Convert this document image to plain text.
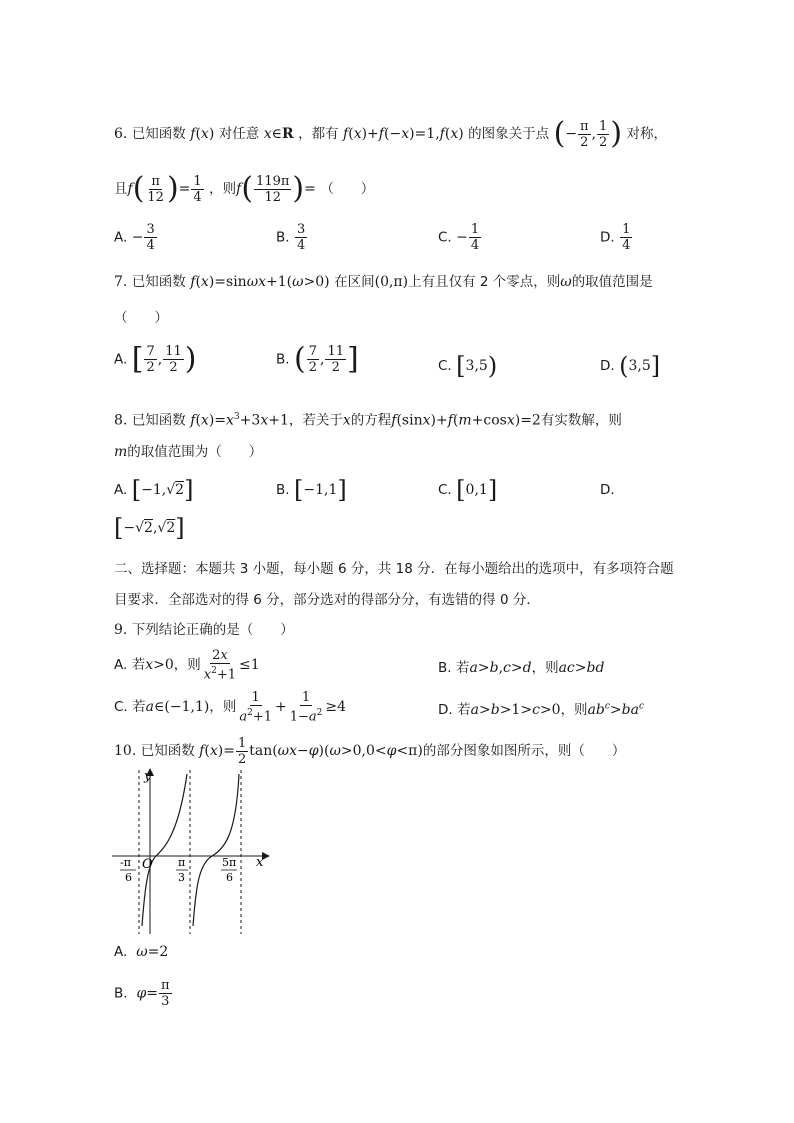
6. 已知函数 f(x) 对任意 x∈R ，都有 f(x)+f(−x)=1,f(x) 的图象关于点 (− $\frac{\pi}{2}$ , $\frac{1}{2}$ ) 对称，
且$f( \frac{\pi}{12}$ )= $\frac{1}{4}$ ，则$f( \frac{119\pi}{12}$ )= （　　）
A. − $\frac{3}{4}$	B. $\frac{3}{4}$	C. − $\frac{1}{4}$	D. $\frac{1}{4}$
7. 已知函数 f(x)=sinωx+1(ω>0) 在区间(0,π)上有且仅有 2 个零点，则ω的取值范围是
（　　）
A. [ $\frac{7}{2}$ , $\frac{11}{2}$ )	B. ( $\frac{7}{2}$ , $\frac{11}{2}$ ]	C. [3,5)	D. (3,5]
8. 已知函数 $f(x)=x^3+3x+1$，若关于x的方程f(sinx)+f(m+cosx)=2有实数解，则
m的取值范围为（　　）
A. [−1,√2]	B. [−1,1]	C. [0,1]	D.
[−√2,√2]
二、选择题：本题共 3 小题，每小题 6 分，共 18 分．在每小题给出的选项中，有多项符合题
目要求．全部选对的得 6 分，部分选对的得部分分，有选错的得 0 分．
9. 下列结论正确的是（　　）
A. 若x>0，则 $\frac{2x}{x^2+1} \le 1$	B. 若a>b,c>d，则ac>bd
C. 若a∈(−1,1)，则 $\frac{1}{a^2+1} + \frac{1}{1-a^2} \ge 4$	D. 若a>b>1>c>0，则$ab^c>ba^c$
10. 已知函数 $f(x)= \frac{1}{2} \tan(\omega x-\varphi)(\omega>0,0<\varphi<\pi)$的部分图象如图所示，则（　　）
y
x
O
-π
6
π
3
5π
6
A. ω=2
B. $\varphi= \frac{\pi}{3}$
